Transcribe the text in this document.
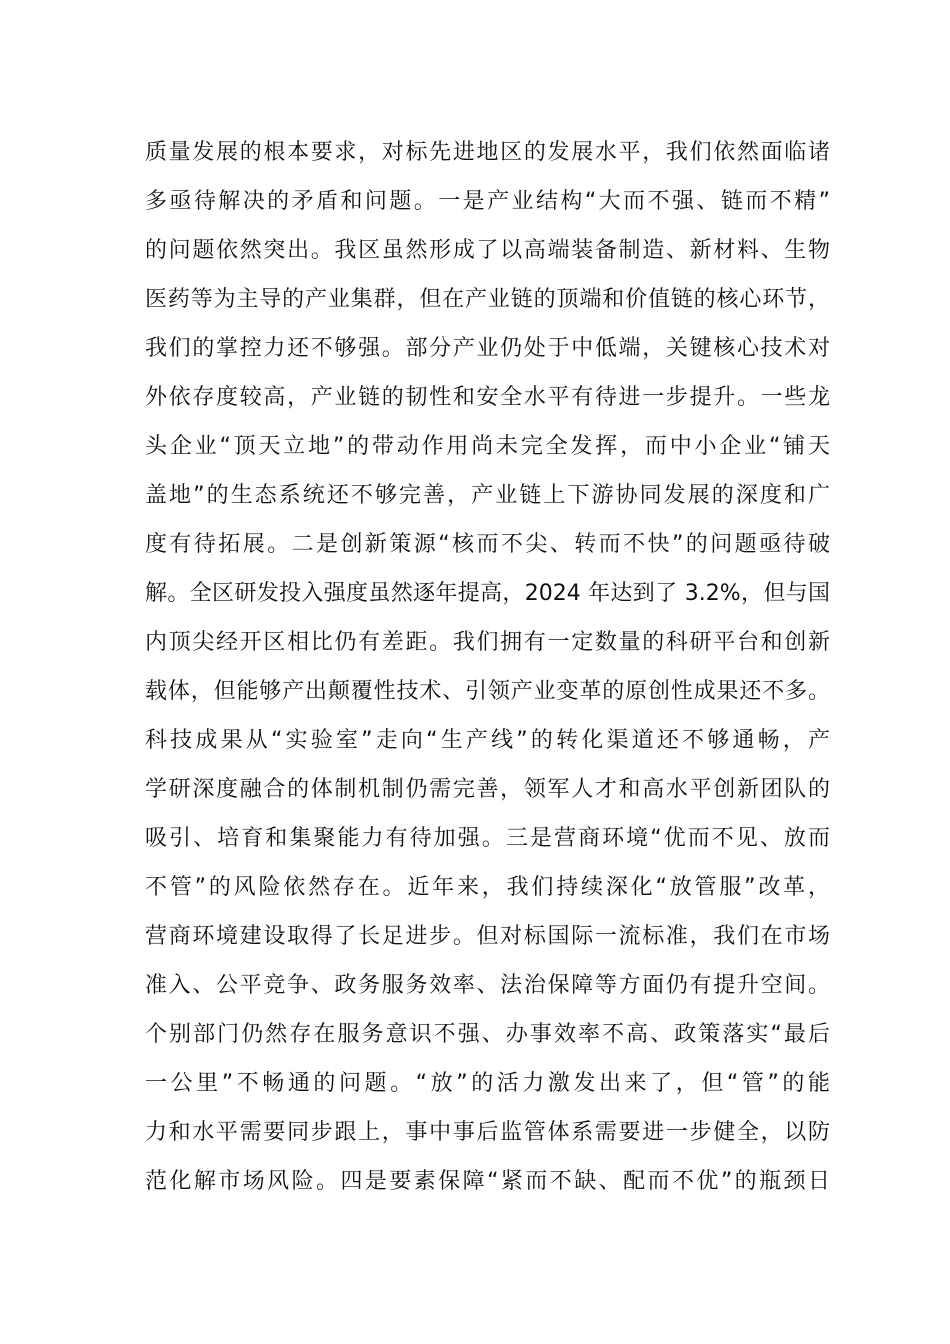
质量发展的根本要求，对标先进地区的发展水平，我们依然面临诸
多亟待解决的矛盾和问题。一是产业结构“大而不强、链而不精”
的问题依然突出。我区虽然形成了以高端装备制造、新材料、生物
医药等为主导的产业集群，但在产业链的顶端和价值链的核心环节，
我们的掌控力还不够强。部分产业仍处于中低端，关键核心技术对
外依存度较高，产业链的韧性和安全水平有待进一步提升。一些龙
头企业“顶天立地”的带动作用尚未完全发挥，而中小企业“铺天
盖地”的生态系统还不够完善，产业链上下游协同发展的深度和广
度有待拓展。二是创新策源“核而不尖、转而不快”的问题亟待破
解。全区研发投入强度虽然逐年提高，2024 年达到了 3.2%，但与国
内顶尖经开区相比仍有差距。我们拥有一定数量的科研平台和创新
载体，但能够产出颠覆性技术、引领产业变革的原创性成果还不多。
科技成果从“实验室”走向“生产线”的转化渠道还不够通畅，产
学研深度融合的体制机制仍需完善，领军人才和高水平创新团队的
吸引、培育和集聚能力有待加强。三是营商环境“优而不见、放而
不管”的风险依然存在。近年来，我们持续深化“放管服”改革，
营商环境建设取得了长足进步。但对标国际一流标准，我们在市场
准入、公平竞争、政务服务效率、法治保障等方面仍有提升空间。
个别部门仍然存在服务意识不强、办事效率不高、政策落实“最后
一公里”不畅通的问题。“放”的活力激发出来了，但“管”的能
力和水平需要同步跟上，事中事后监管体系需要进一步健全，以防
范化解市场风险。四是要素保障“紧而不缺、配而不优”的瓶颈日
